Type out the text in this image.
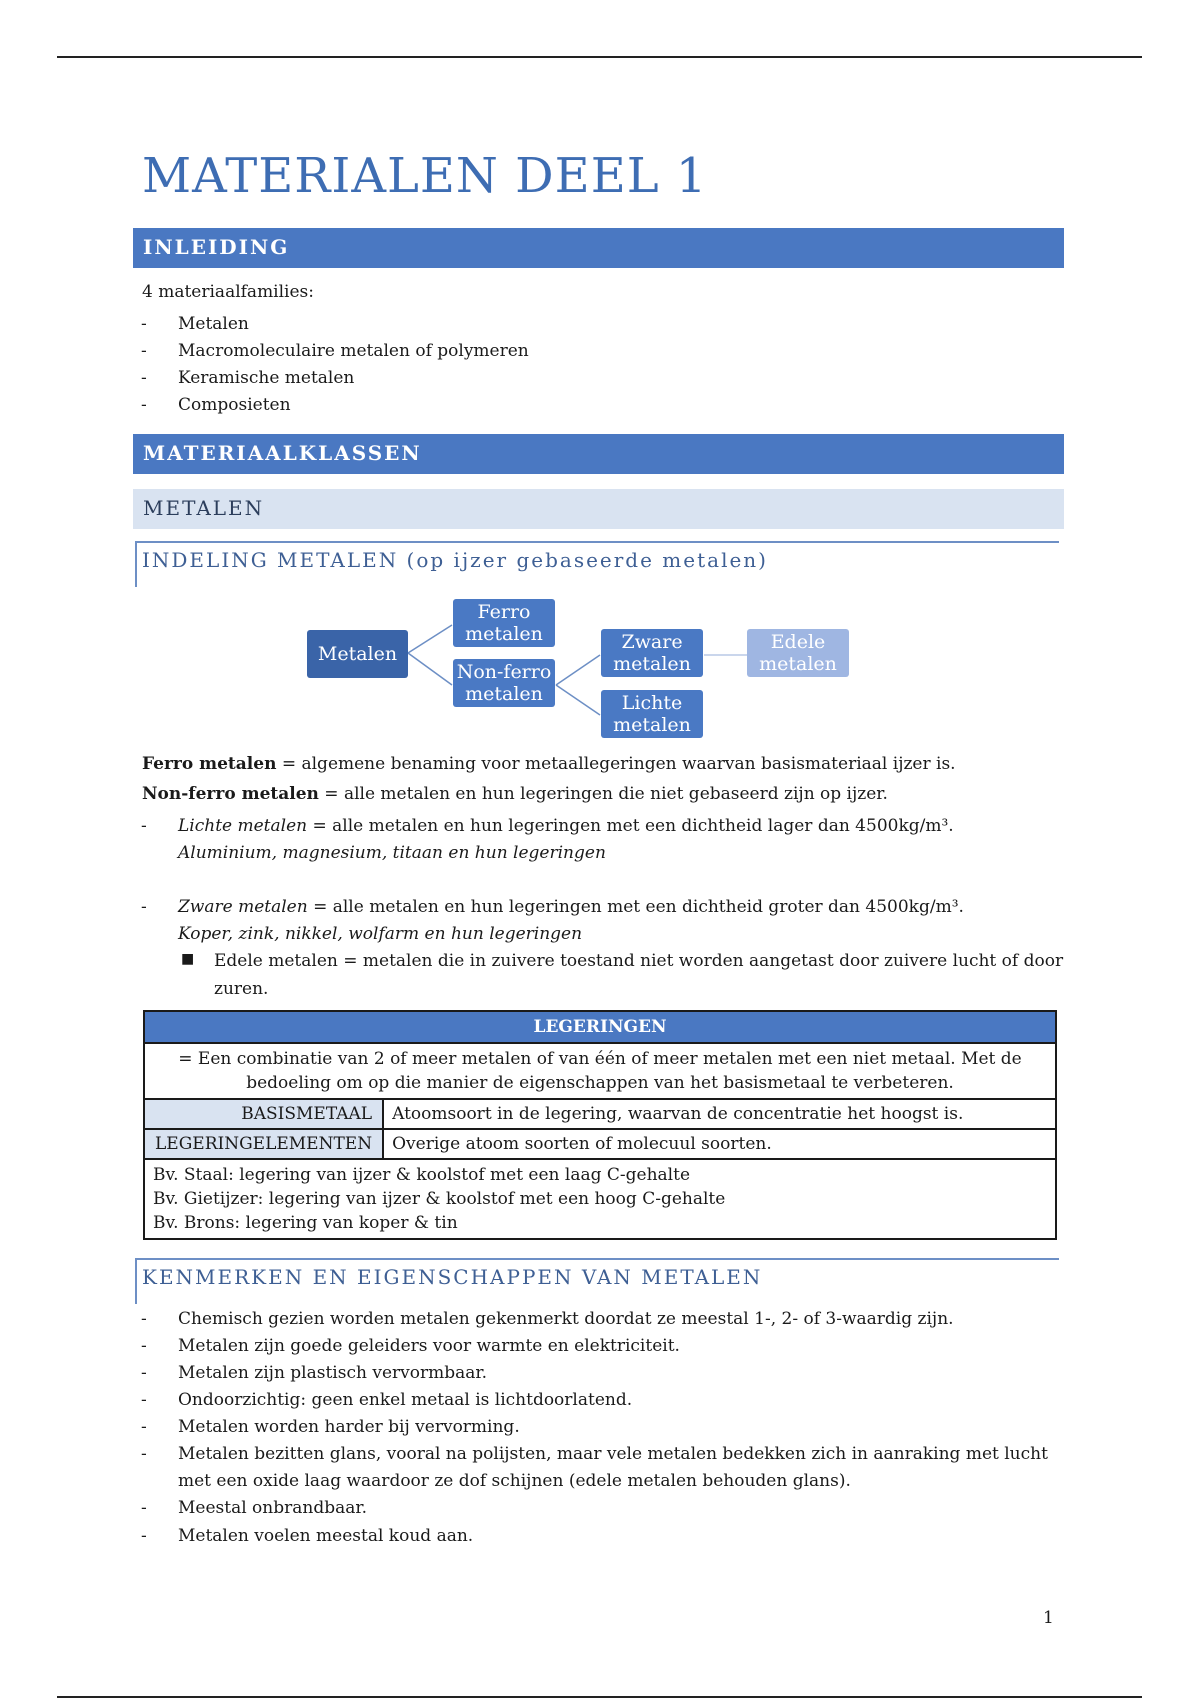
MATERIALEN DEEL 1
INLEIDING
4 materiaalfamilies:
- Metalen
- Macromoleculaire metalen of polymeren
- Keramische metalen
- Composieten
MATERIAALKLASSEN
METALEN
INDELING METALEN (op ijzer gebaseerde metalen)
Metalen
Ferro metalen
Non-ferro metalen
Zware metalen
Lichte metalen
Edele metalen
Ferro metalen = algemene benaming voor metaallegeringen waarvan basismateriaal ijzer is.
Non-ferro metalen = alle metalen en hun legeringen die niet gebaseerd zijn op ijzer.
- Lichte metalen = alle metalen en hun legeringen met een dichtheid lager dan 4500kg/m³.
Aluminium, magnesium, titaan en hun legeringen
- Zware metalen = alle metalen en hun legeringen met een dichtheid groter dan 4500kg/m³.
Koper, zink, nikkel, wolfarm en hun legeringen
■ Edele metalen = metalen die in zuivere toestand niet worden aangetast door zuivere lucht of door
zuren.
LEGERINGEN	
= Een combinatie van 2 of meer metalen of van één of meer metalen met een niet metaal. Met de bedoeling om op die manier de eigenschappen van het basismetaal te verbeteren.	
BASISMETAAL	Atoomsoort in de legering, waarvan de concentratie het hoogst is.
LEGERINGELEMENTEN	Overige atoom soorten of molecuul soorten.

Bv. Staal: legering van ijzer & koolstof met een laag C-gehalte
Bv. Gietijzer: legering van ijzer & koolstof met een hoog C-gehalte
Bv. Brons: legering van koper & tin	
KENMERKEN EN EIGENSCHAPPEN VAN METALEN
- Chemisch gezien worden metalen gekenmerkt doordat ze meestal 1-, 2- of 3-waardig zijn.
- Metalen zijn goede geleiders voor warmte en elektriciteit.
- Metalen zijn plastisch vervormbaar.
- Ondoorzichtig: geen enkel metaal is lichtdoorlatend.
- Metalen worden harder bij vervorming.
- Metalen bezitten glans, vooral na polijsten, maar vele metalen bedekken zich in aanraking met lucht
met een oxide laag waardoor ze dof schijnen (edele metalen behouden glans).
- Meestal onbrandbaar.
- Metalen voelen meestal koud aan.
1
